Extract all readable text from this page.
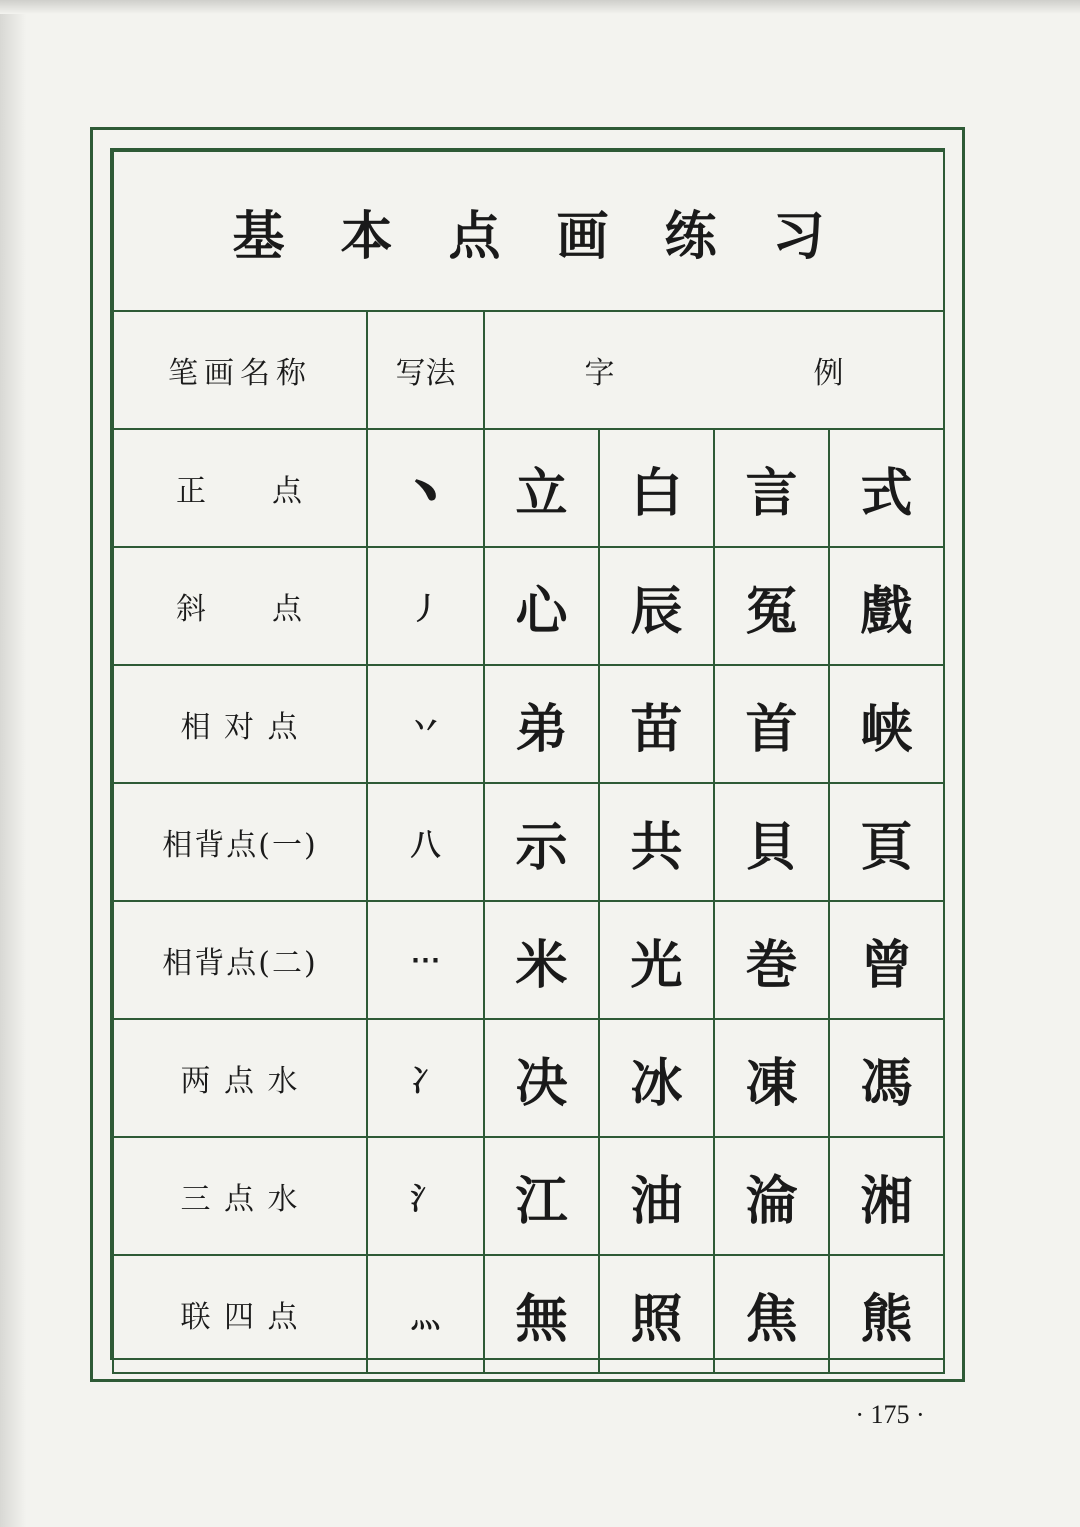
基本点画练习					
笔画名称	写法	字 例			

正　　点	﹅	立	白	言	式
斜　　点	丿	心	辰	冤	戲
相 对 点	丷	弟	苗	首	峡
相背点(一)	八	示	共	貝	頁
相背点(二)	⋯	米	光	巻	曾
两 点 水	冫	决	冰	凍	馮
三 点 水	氵	江	油	淪	湘
联 四 点	灬	無	照	焦	熊
· 175 ·
